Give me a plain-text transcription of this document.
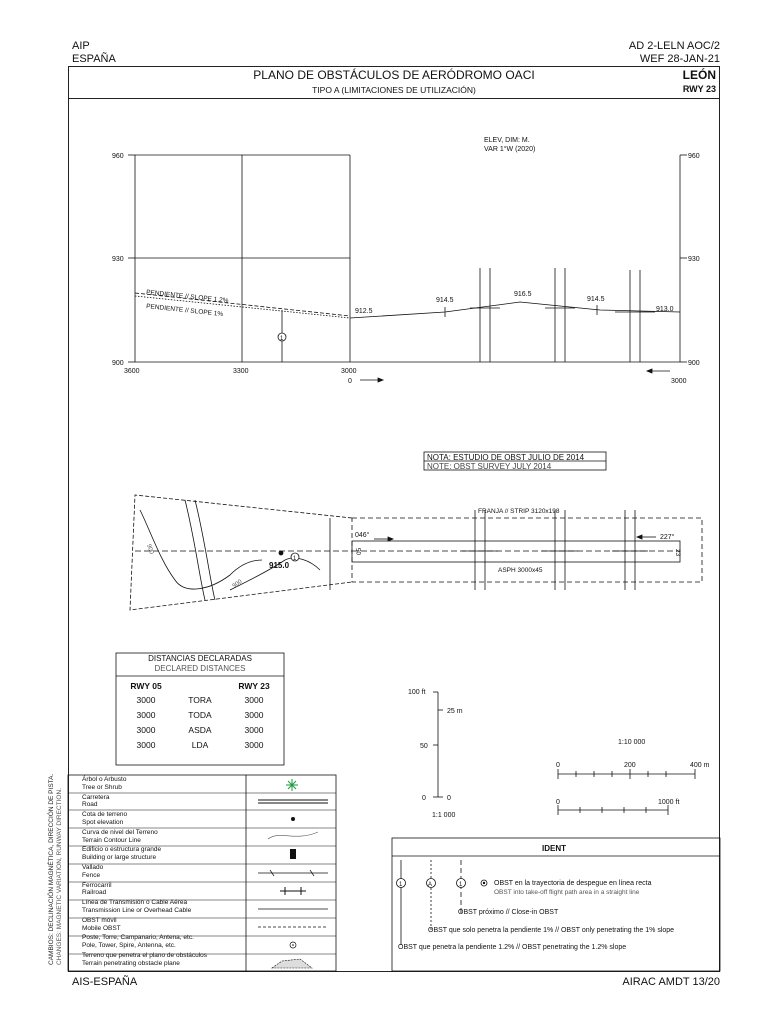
AIP
ESPAÑA
AD 2-LELN AOC/2
WEF 28-JAN-21
PLANO DE OBSTÁCULOS DE AERÓDROMO OACI
TIPO A (LIMITACIONES DE UTILIZACIÓN)
LEÓN
RWY 23
ELEV, DIM: M.
VAR 1°W (2020)
960
930
900
960
930
900
3600	3300	3000
0	3000
PENDIENTE // SLOPE 1.2%
PENDIENTE // SLOPE 1%	912.5
914.5
916.5
914.5
913.0
1
NOTA: ESTUDIO DE OBST JULIO DE 2014
NOTE: OBST SURVEY JULY 2014
FRANJA // STRIP 3120x198
ASPH 3000x45
046°	227°
05	23
915.0
1
900
900
100 ft
25 m
50
0	0
1:1 000
1:10 000
0	200	400 m
0	1000 ft
IDENT
1	A	1	OBST en la trayectoria de despegue en línea recta
OBST into take-off flight path area in a straight line
OBST próximo // Close-in OBST
OBST que solo penetra la pendiente 1% // OBST only penetrating the 1% slope
OBST que penetra la pendiente 1.2% // OBST penetrating the 1.2% slope
DISTANCIAS DECLARADAS
DECLARED DISTANCES
RWY 05	RWY 23
3000	TORA	3000
3000	TODA	3000
3000	ASDA	3000
3000	LDA	3000
Árbol o Arbusto
Tree or Shrub
Carretera
Road
Cota de terreno
Spot elevation
Curva de nivel del Terreno
Terrain Contour Line
Edificio o estructura grande
Building or large structure
Vallado
Fence
Ferrocarril
Railroad
Línea de Transmisión o Cable Aérea
Transmission Line or Overhead Cable
OBST móvil
Mobile OBST
Poste, Torre, Campanario, Antena, etc.
Pole, Tower, Spire, Antenna, etc.
Terreno que penetra el plano de obstáculos
Terrain penetrating obstacle plane
CAMBIOS: DECLINACIÓN MAGNÉTICA, DIRECCIÓN DE PISTA. CHANGES: MAGNETIC VARIATION, RUNWAY DIRECTION.
AIS-ESPAÑA	AIRAC AMDT 13/20
